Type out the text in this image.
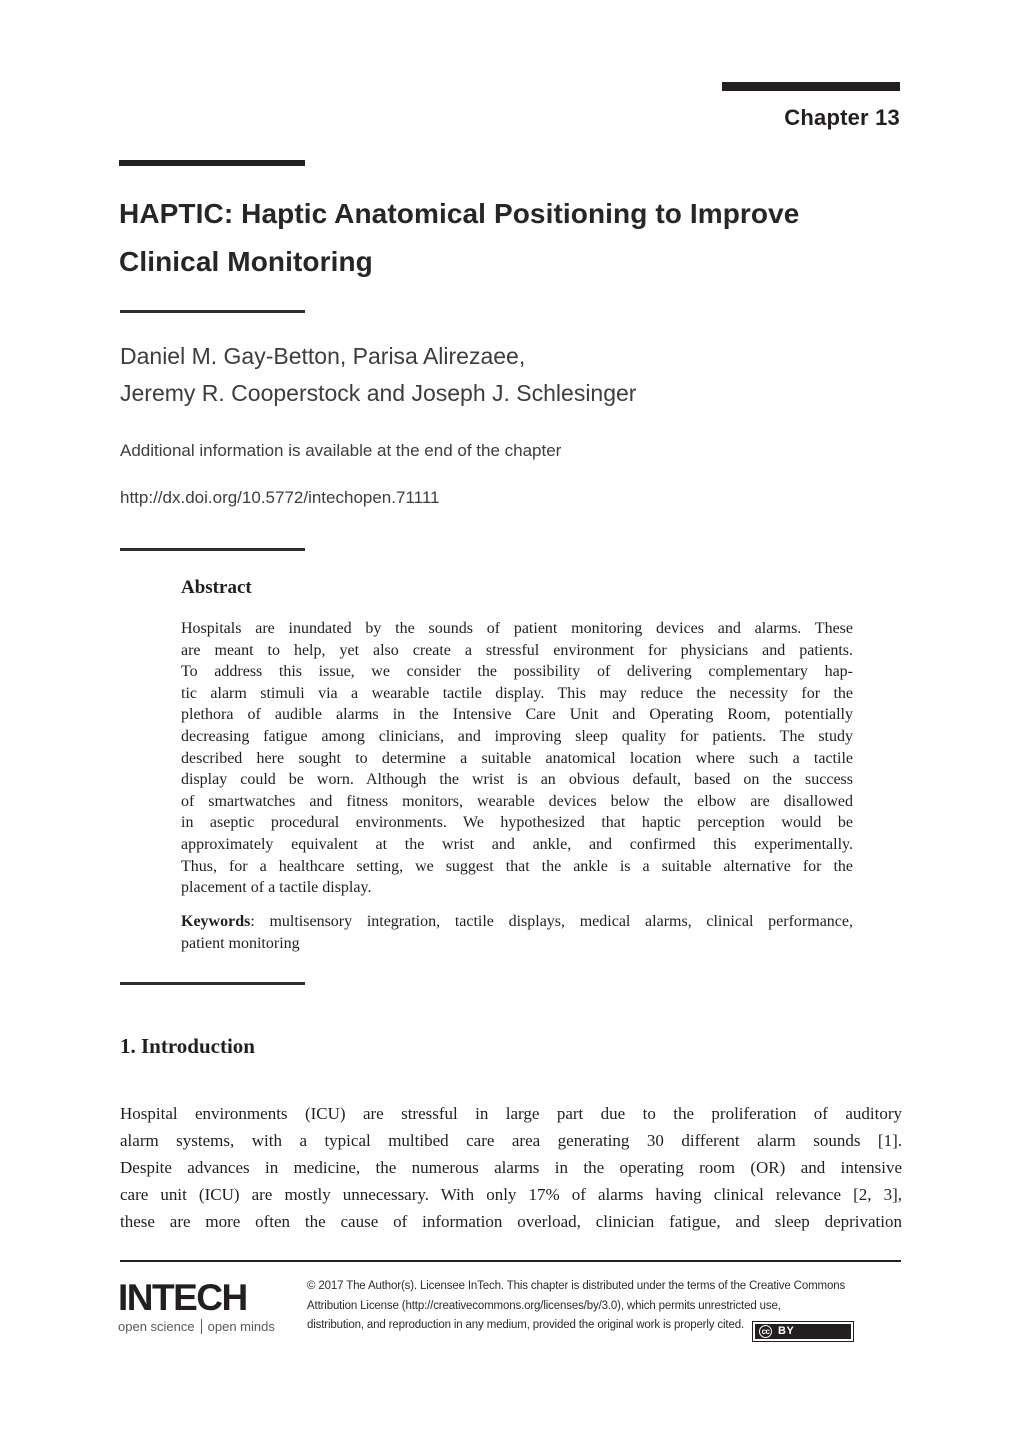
Chapter 13
HAPTIC: Haptic Anatomical Positioning to Improve
Clinical Monitoring
Daniel M. Gay-Betton, Parisa Alirezaee,
Jeremy R. Cooperstock and Joseph J. Schlesinger
Additional information is available at the end of the chapter
http://dx.doi.org/10.5772/intechopen.71111
Abstract
Hospitals are inundated by the sounds of patient monitoring devices and alarms. These
are meant to help, yet also create a stressful environment for physicians and patients.
To address this issue, we consider the possibility of delivering complementary hap-
tic alarm stimuli via a wearable tactile display. This may reduce the necessity for the
plethora of audible alarms in the Intensive Care Unit and Operating Room, potentially
decreasing fatigue among clinicians, and improving sleep quality for patients. The study
described here sought to determine a suitable anatomical location where such a tactile
display could be worn. Although the wrist is an obvious default, based on the success
of smartwatches and fitness monitors, wearable devices below the elbow are disallowed
in aseptic procedural environments. We hypothesized that haptic perception would be
approximately equivalent at the wrist and ankle, and confirmed this experimentally.
Thus, for a healthcare setting, we suggest that the ankle is a suitable alternative for the
placement of a tactile display.
Keywords: multisensory integration, tactile displays, medical alarms, clinical performance,
patient monitoring
1. Introduction
Hospital environments (ICU) are stressful in large part due to the proliferation of auditory
alarm systems, with a typical multibed care area generating 30 different alarm sounds [1].
Despite advances in medicine, the numerous alarms in the operating room (OR) and intensive
care unit (ICU) are mostly unnecessary. With only 17% of alarms having clinical relevance [2, 3],
these are more often the cause of information overload, clinician fatigue, and sleep deprivation
INTECH
open science open minds
© 2017 The Author(s). Licensee InTech. This chapter is distributed under the terms of the Creative Commons
Attribution License (http://creativecommons.org/licenses/by/3.0), which permits unrestricted use,
distribution, and reproduction in any medium, provided the original work is properly cited.
cc BY
